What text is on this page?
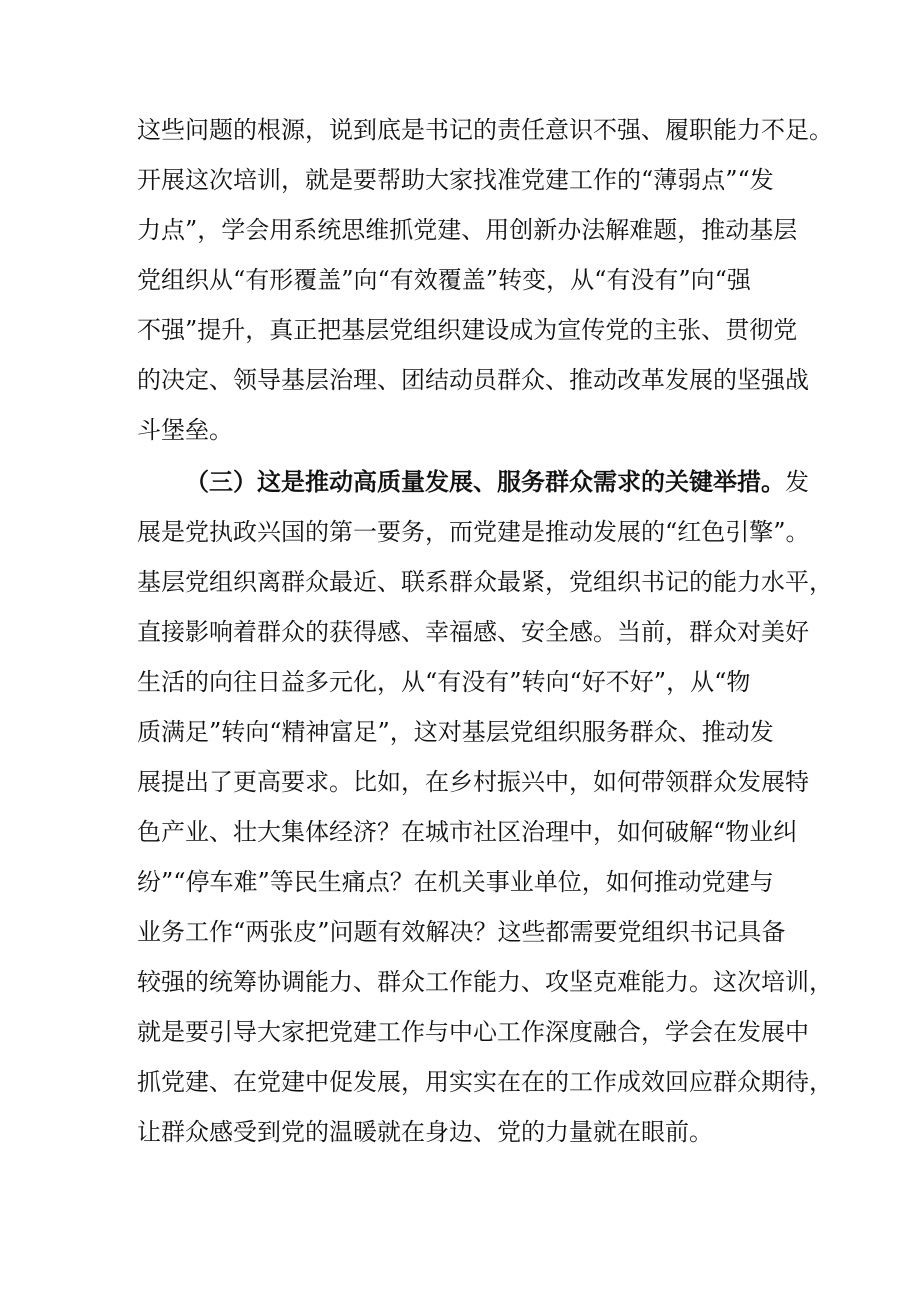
这些问题的根源，说到底是书记的责任意识不强、履职能力不足。

开展这次培训，就是要帮助大家找准党建工作的“薄弱点”“发

力点”，学会用系统思维抓党建、用创新办法解难题，推动基层

党组织从“有形覆盖”向“有效覆盖”转变，从“有没有”向“强

不强”提升，真正把基层党组织建设成为宣传党的主张、贯彻党

的决定、领导基层治理、团结动员群众、推动改革发展的坚强战

斗堡垒。

（三）这是推动高质量发展、服务群众需求的关键举措。发

展是党执政兴国的第一要务，而党建是推动发展的“红色引擎”。

基层党组织离群众最近、联系群众最紧，党组织书记的能力水平，

直接影响着群众的获得感、幸福感、安全感。当前，群众对美好

生活的向往日益多元化，从“有没有”转向“好不好”，从“物

质满足”转向“精神富足”，这对基层党组织服务群众、推动发

展提出了更高要求。比如，在乡村振兴中，如何带领群众发展特

色产业、壮大集体经济？在城市社区治理中，如何破解“物业纠

纷”“停车难”等民生痛点？在机关事业单位，如何推动党建与

业务工作“两张皮”问题有效解决？这些都需要党组织书记具备

较强的统筹协调能力、群众工作能力、攻坚克难能力。这次培训，

就是要引导大家把党建工作与中心工作深度融合，学会在发展中

抓党建、在党建中促发展，用实实在在的工作成效回应群众期待，

让群众感受到党的温暖就在身边、党的力量就在眼前。
